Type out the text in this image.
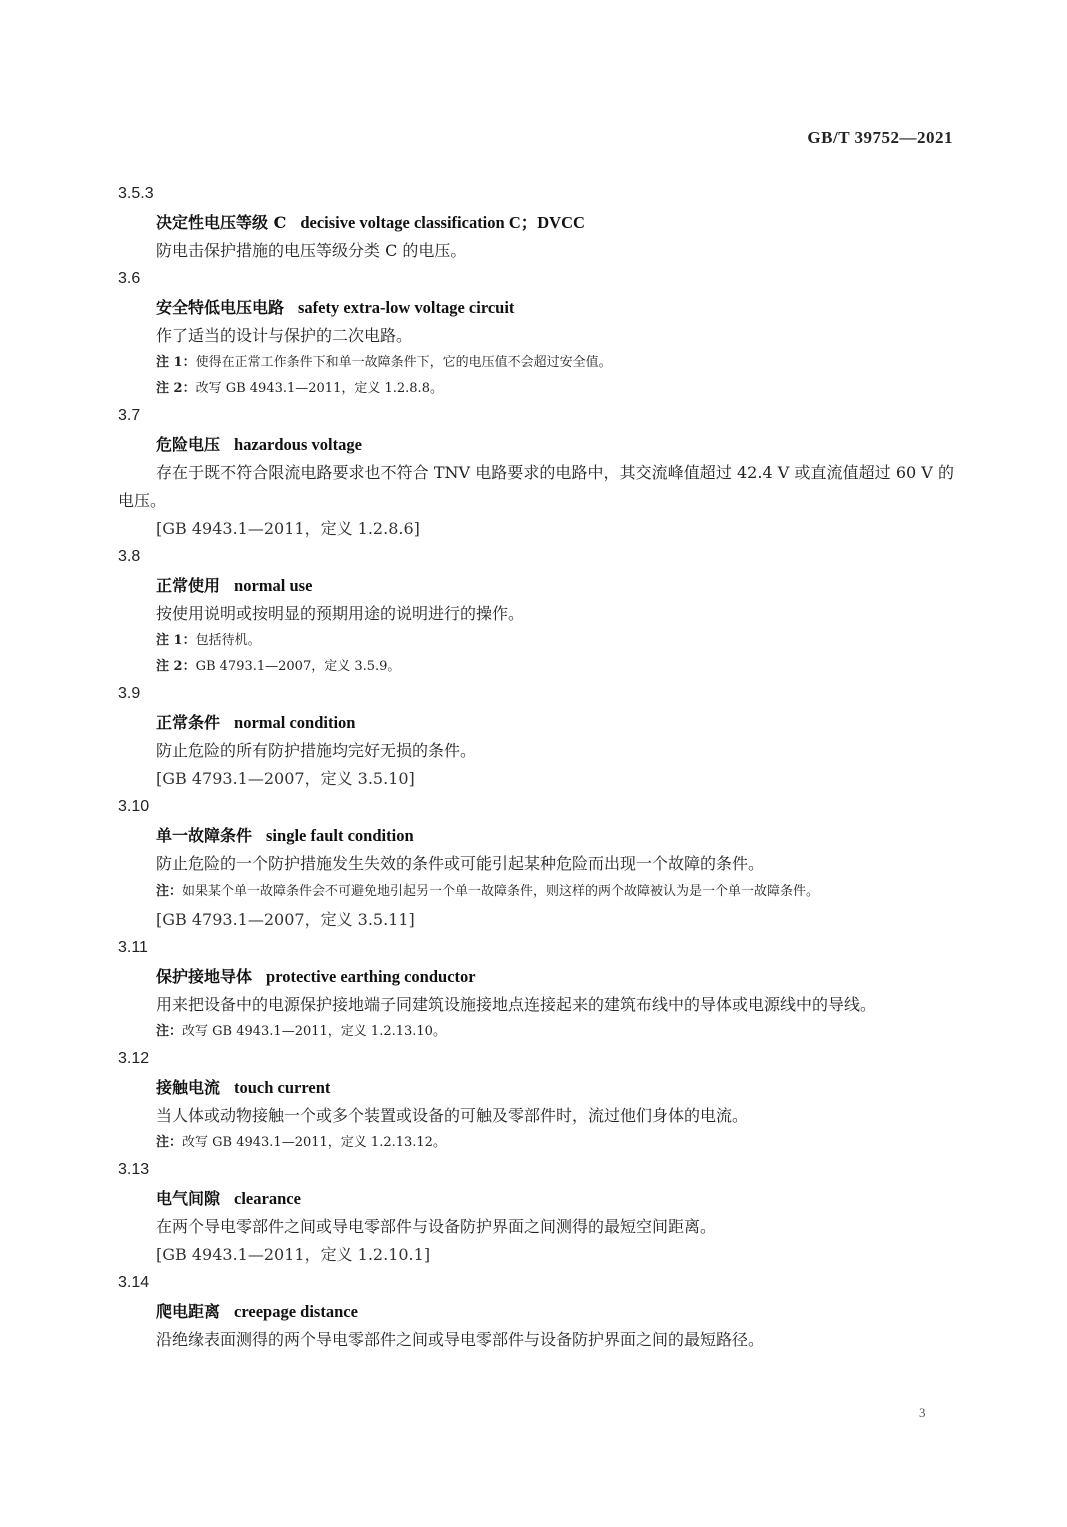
GB/T 39752—2021
3.5.3
决定性电压等级 C decisive voltage classification C；DVCC
防电击保护措施的电压等级分类 C 的电压。
3.6
安全特低电压电路 safety extra-low voltage circuit
作了适当的设计与保护的二次电路。
注 1：使得在正常工作条件下和单一故障条件下，它的电压值不会超过安全值。
注 2：改写 GB 4943.1—2011，定义 1.2.8.8。
3.7
危险电压 hazardous voltage
存在于既不符合限流电路要求也不符合 TNV 电路要求的电路中，其交流峰值超过 42.4 V 或直流值超过 60 V 的电压。
[GB 4943.1—2011，定义 1.2.8.6]
3.8
正常使用 normal use
按使用说明或按明显的预期用途的说明进行的操作。
注 1：包括待机。
注 2：GB 4793.1—2007，定义 3.5.9。
3.9
正常条件 normal condition
防止危险的所有防护措施均完好无损的条件。
[GB 4793.1—2007，定义 3.5.10]
3.10
单一故障条件 single fault condition
防止危险的一个防护措施发生失效的条件或可能引起某种危险而出现一个故障的条件。
注：如果某个单一故障条件会不可避免地引起另一个单一故障条件，则这样的两个故障被认为是一个单一故障条件。
[GB 4793.1—2007，定义 3.5.11]
3.11
保护接地导体 protective earthing conductor
用来把设备中的电源保护接地端子同建筑设施接地点连接起来的建筑布线中的导体或电源线中的导线。
注：改写 GB 4943.1—2011，定义 1.2.13.10。
3.12
接触电流 touch current
当人体或动物接触一个或多个装置或设备的可触及零部件时，流过他们身体的电流。
注：改写 GB 4943.1—2011，定义 1.2.13.12。
3.13
电气间隙 clearance
在两个导电零部件之间或导电零部件与设备防护界面之间测得的最短空间距离。
[GB 4943.1—2011，定义 1.2.10.1]
3.14
爬电距离 creepage distance
沿绝缘表面测得的两个导电零部件之间或导电零部件与设备防护界面之间的最短路径。
3
